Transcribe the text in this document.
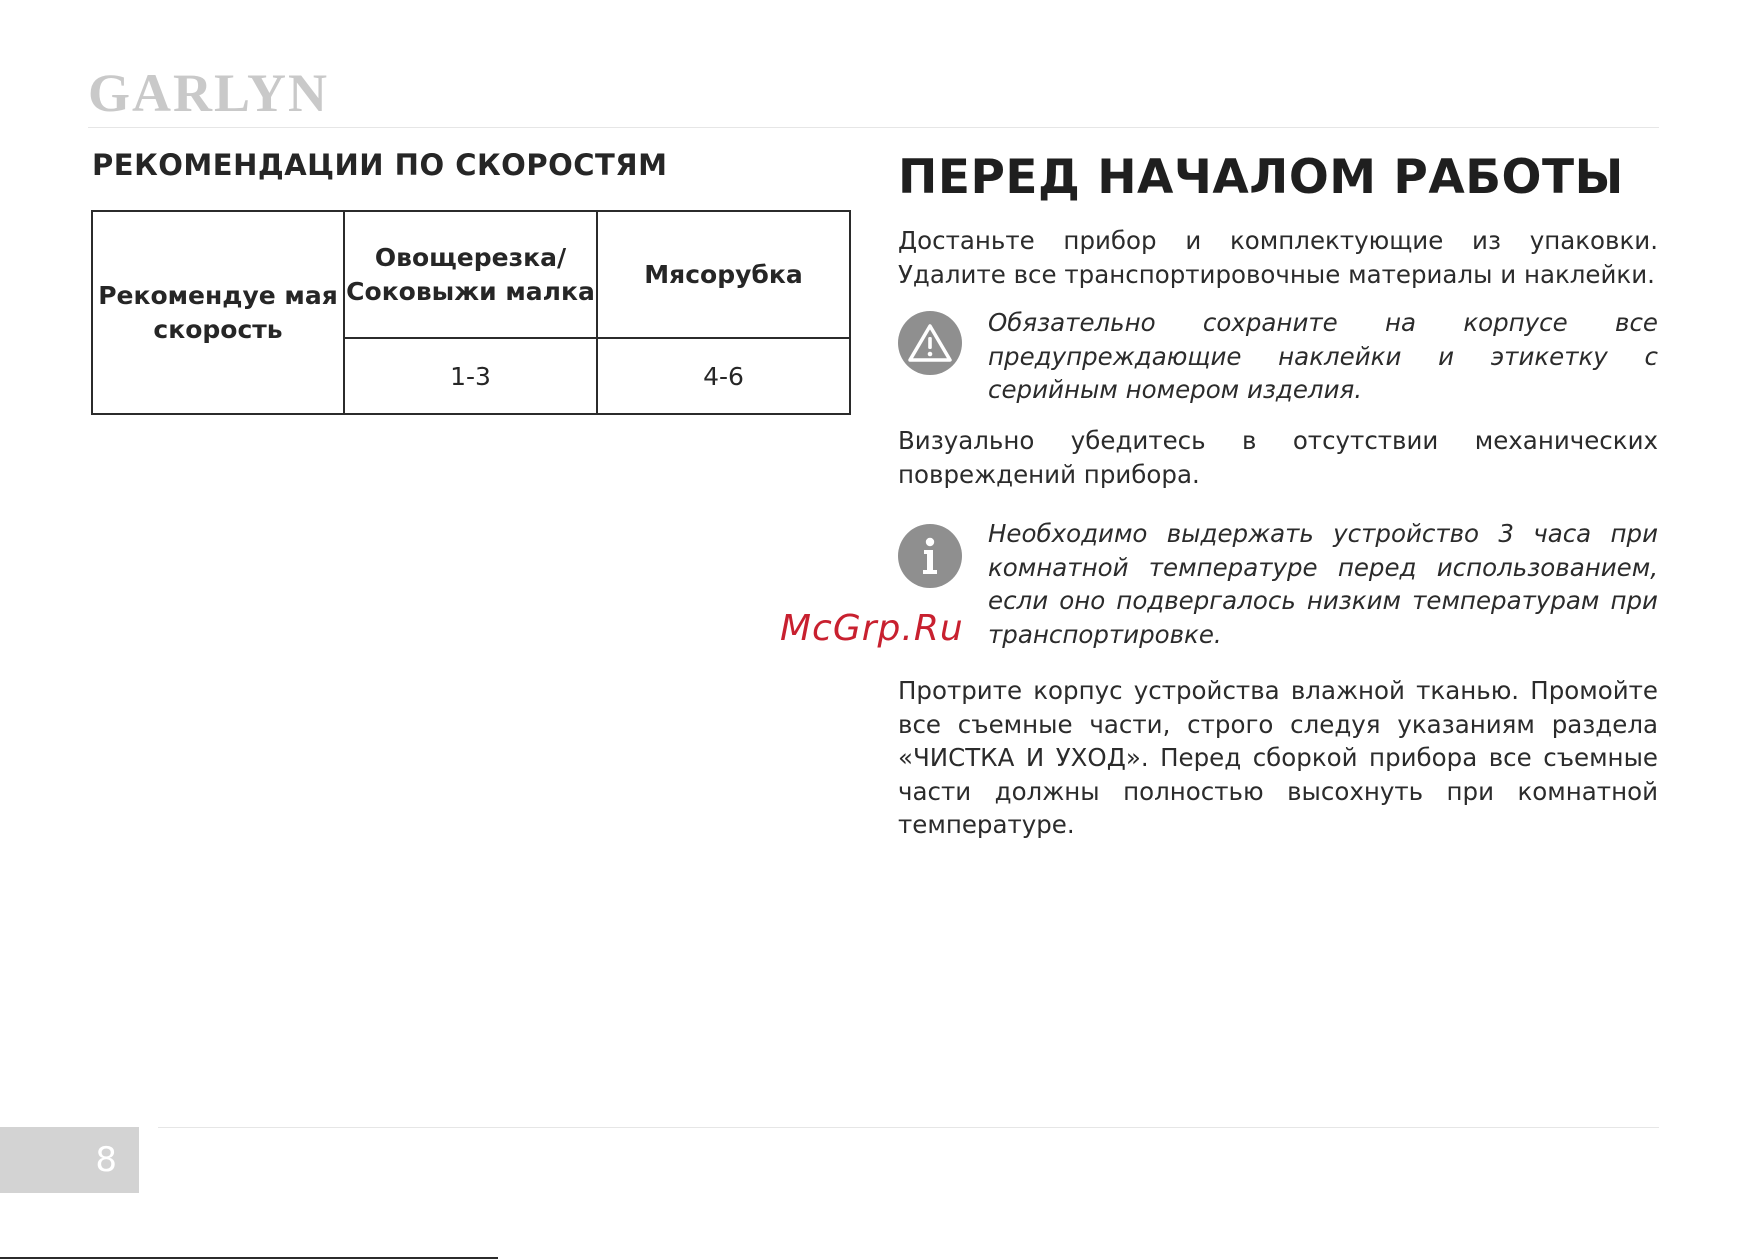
GARLYN
РЕКОМЕНДАЦИИ ПО СКОРОСТЯМ
Рекомендуе мая скорость	Овощерезка/ Соковыжи малка	Мясорубка
	1-3	4-6
ПЕРЕД НАЧАЛОМ РАБОТЫ

Достаньте прибор и комплектующие из упаковки. Удалите все транспортировочные материалы и наклейки.

Обязательно сохраните на корпусе все предупреждающие наклейки и этикетку с серийным номером изделия.

Визуально убедитесь в отсутствии механических повреждений прибора.

Необходимо выдержать устройство 3 часа при комнатной температуре перед использованием, если оно подвергалось низким температурам при транспортировке.

McGrp.Ru

Протрите корпус устройства влажной тканью. Промойте все съемные части, строго следуя указаниям раздела «ЧИСТКА И УХОД». Перед сборкой прибора все съемные части должны полностью высохнуть при комнатной температуре.

8
